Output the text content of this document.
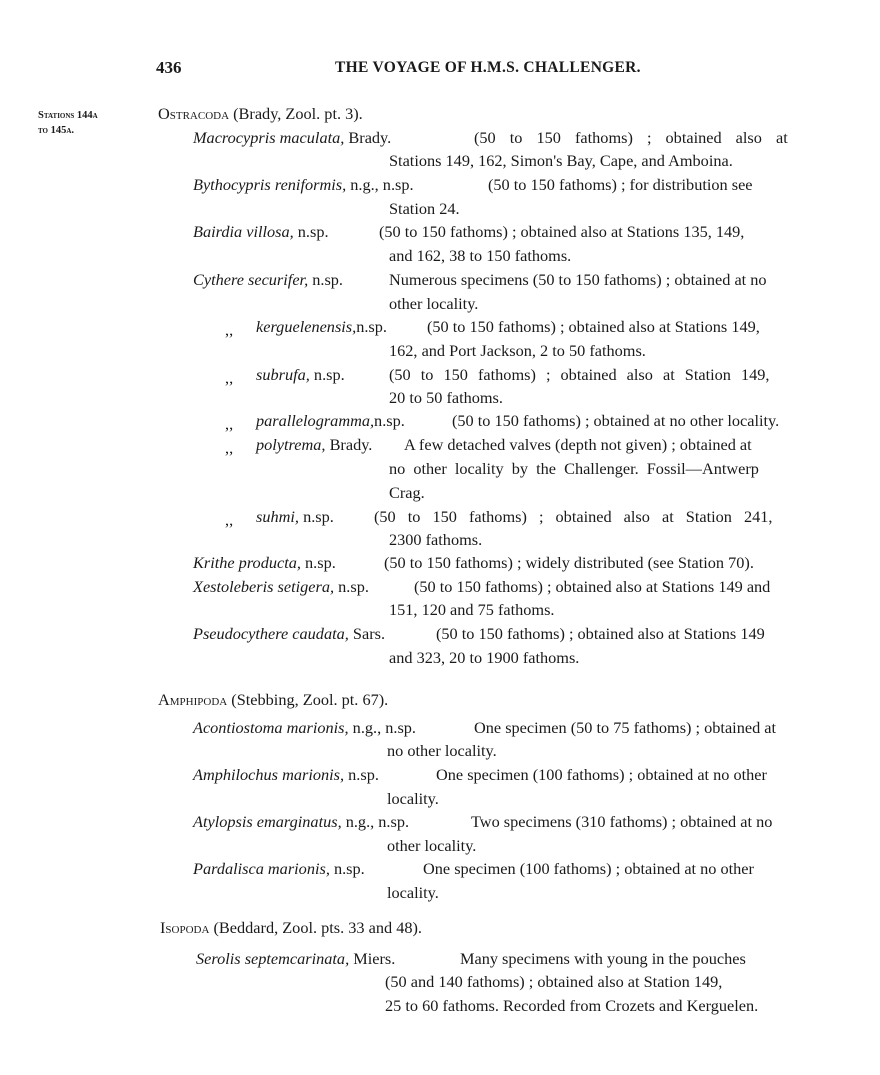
436	THE VOYAGE OF H.M.S. CHALLENGER.
Stations 144a
to 145a.
Ostracoda (Brady, Zool. pt. 3).
Macrocypris maculata, Brady.	(50 to 150 fathoms) ; obtained also at
Stations 149, 162, Simon's Bay, Cape, and Amboina.
Bythocypris reniformis, n.g., n.sp.	(50 to 150 fathoms) ; for distribution see
Station 24.
Bairdia villosa, n.sp.	(50 to 150 fathoms) ; obtained also at Stations 135, 149,
and 162, 38 to 150 fathoms.
Cythere securifer, n.sp.	Numerous specimens (50 to 150 fathoms) ; obtained at no
other locality.
,, kerguelenensis,n.sp. (50 to 150 fathoms) ; obtained also at Stations 149,
162, and Port Jackson, 2 to 50 fathoms.
,, subrufa, n.sp.	(50 to 150 fathoms) ; obtained also at Station 149,
20 to 50 fathoms.
,, parallelogramma,n.sp.	(50 to 150 fathoms) ; obtained at no other locality.
,, polytrema, Brady. A few detached valves (depth not given) ; obtained at
no other locality by the Challenger. Fossil—Antwerp
Crag.
,, suhmi, n.sp. (50 to 150 fathoms) ; obtained also at Station 241,
2300 fathoms.
Krithe producta, n.sp.	(50 to 150 fathoms) ; widely distributed (see Station 70).
Xestoleberis setigera, n.sp.	(50 to 150 fathoms) ; obtained also at Stations 149 and
151, 120 and 75 fathoms.
Pseudocythere caudata, Sars.	(50 to 150 fathoms) ; obtained also at Stations 149
and 323, 20 to 1900 fathoms.
Amphipoda (Stebbing, Zool. pt. 67).
Acontiostoma marionis, n.g., n.sp.	One specimen (50 to 75 fathoms) ; obtained at
no other locality.
Amphilochus marionis, n.sp.	One specimen (100 fathoms) ; obtained at no other
locality.
Atylopsis emarginatus, n.g., n.sp.	Two specimens (310 fathoms) ; obtained at no
other locality.
Pardalisca marionis, n.sp.	One specimen (100 fathoms) ; obtained at no other
locality.
Isopoda (Beddard, Zool. pts. 33 and 48).
Serolis septemcarinata, Miers.	Many specimens with young in the pouches
(50 and 140 fathoms) ; obtained also at Station 149,
25 to 60 fathoms. Recorded from Crozets and Kerguelen.
